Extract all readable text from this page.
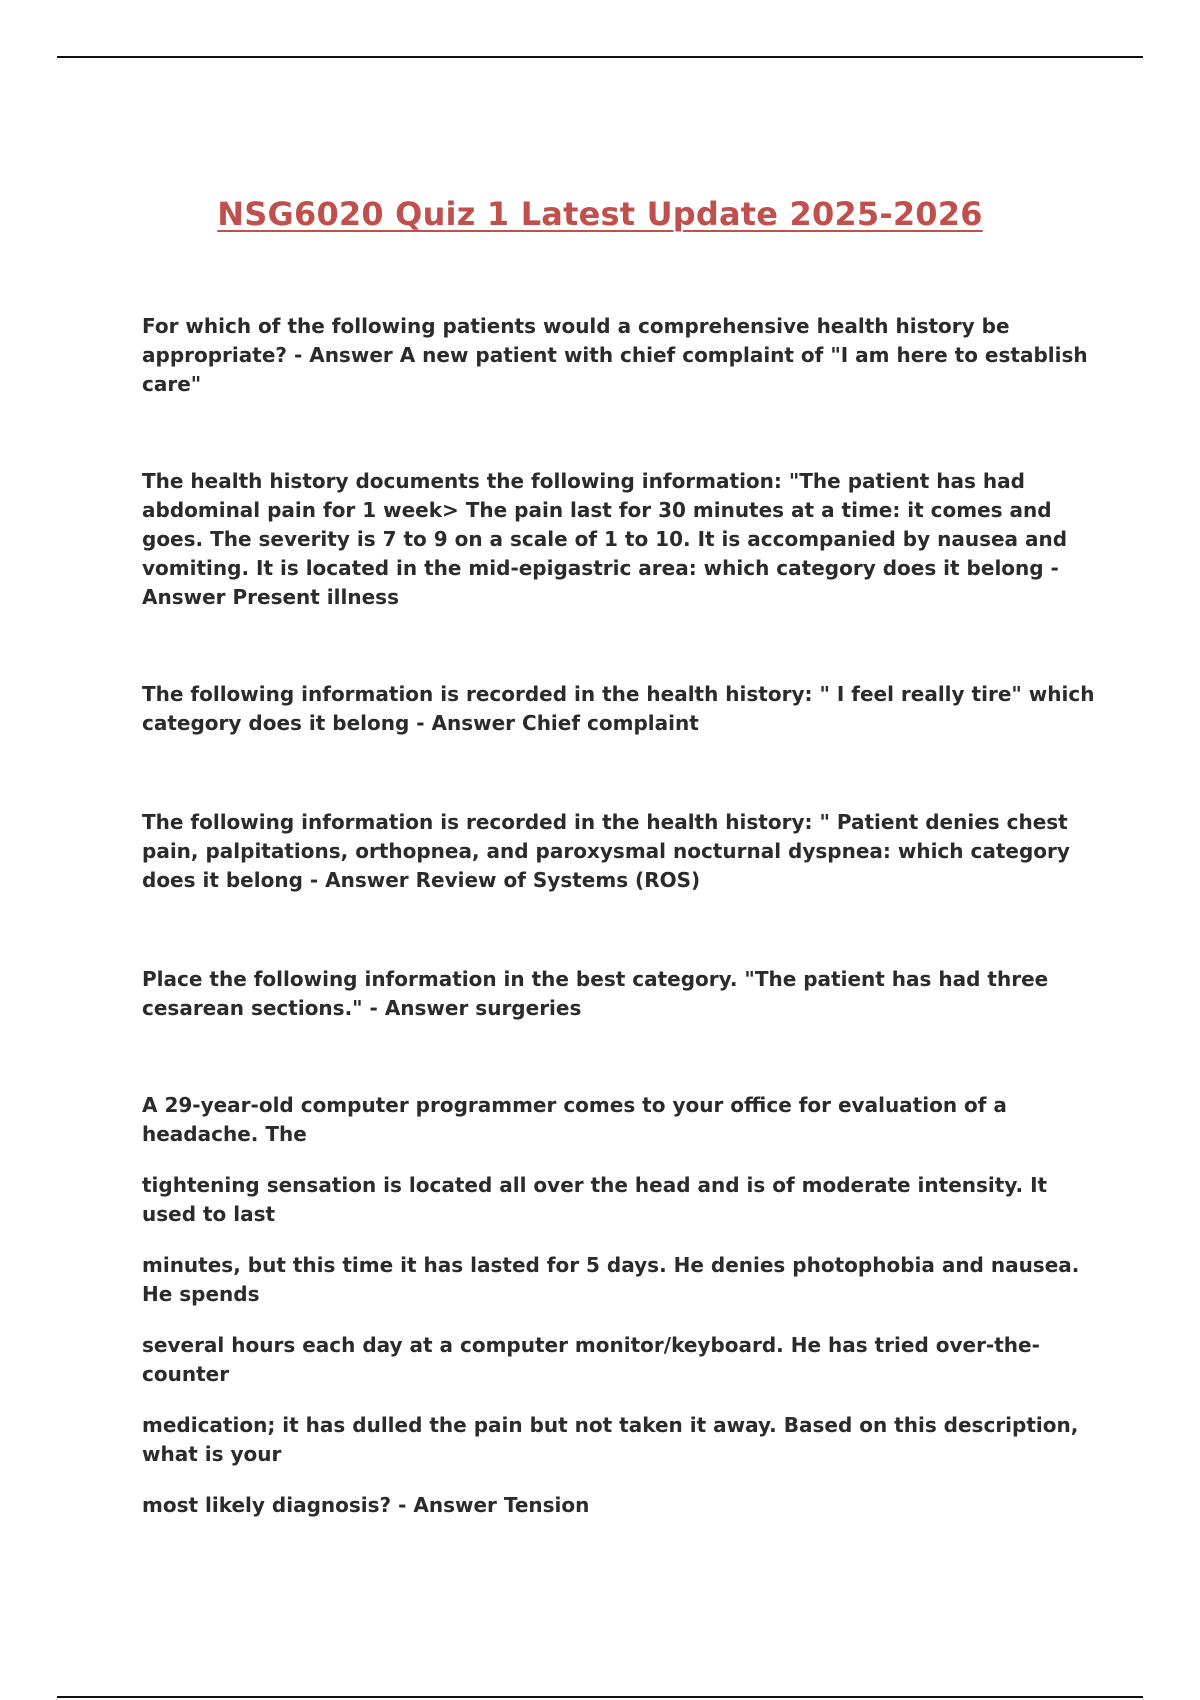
NSG6020 Quiz 1 Latest Update 2025-2026

For which of the following patients would a comprehensive health history be appropriate? - Answer A new patient with chief complaint of "I am here to establish care"

The health history documents the following information: "The patient has had abdominal pain for 1 week> The pain last for 30 minutes at a time: it comes and goes. The severity is 7 to 9 on a scale of 1 to 10. It is accompanied by nausea and vomiting. It is located in the mid-epigastric area: which category does it belong - Answer Present illness

The following information is recorded in the health history: " I feel really tire" which category does it belong - Answer Chief complaint

The following information is recorded in the health history: " Patient denies chest pain, palpitations, orthopnea, and paroxysmal nocturnal dyspnea: which category does it belong - Answer Review of Systems (ROS)

Place the following information in the best category. "The patient has had three cesarean sections." - Answer surgeries

A 29-year-old computer programmer comes to your office for evaluation of a headache. The
tightening sensation is located all over the head and is of moderate intensity. It used to last
minutes, but this time it has lasted for 5 days. He denies photophobia and nausea. He spends
several hours each day at a computer monitor/keyboard. He has tried over-the-counter
medication; it has dulled the pain but not taken it away. Based on this description, what is your
most likely diagnosis? - Answer Tension
